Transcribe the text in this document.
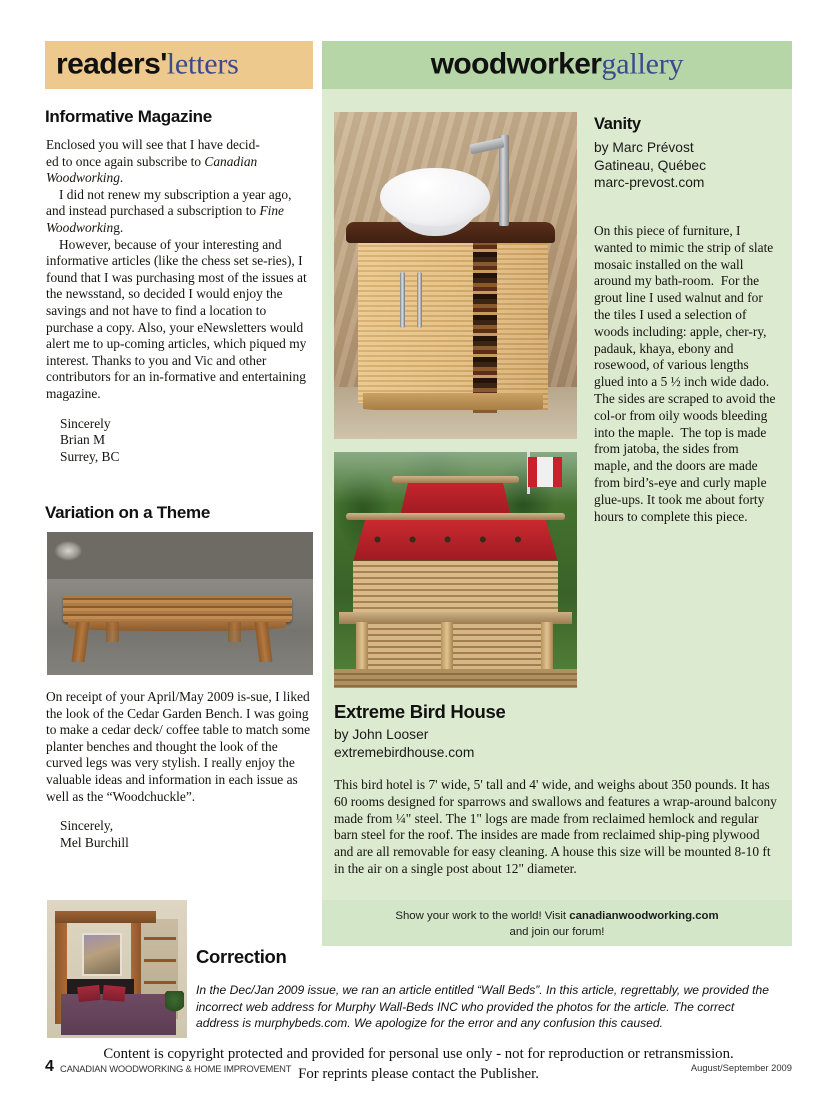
readers'letters
Informative Magazine

Enclosed you will see that I have decid-
ed to once again subscribe to Canadian
Woodworking.

I did not renew my subscription a year ago, and instead purchased a subscription to Fine Woodworking.

However, because of your interesting and informative articles (like the chess set se-ries), I found that I was purchasing most of the issues at the newsstand, so decided I would enjoy the savings and not have to find a location to purchase a copy. Also, your eNewsletters would alert me to up-coming articles, which piqued my interest. Thanks to you and Vic and other contributors for an in-formative and entertaining magazine.

Sincerely
Brian M
Surrey, BC
Variation on a Theme

On receipt of your April/May 2009 is-sue, I liked the look of the Cedar Garden Bench. I was going to make a cedar deck/ coffee table to match some planter benches and thought the look of the curved legs was very stylish. I really enjoy the valuable ideas and information in each issue as well as the “Woodchuckle”.

Sincerely,
Mel Burchill
woodworkergallery
Vanity
by Marc Prévost
Gatineau, Québec
marc-prevost.com

On this piece of furniture, I wanted to mimic the strip of slate mosaic installed on the wall around my bath-room.  For the grout line I used walnut and for the tiles I used a selection of woods including: apple, cher-ry, padauk, khaya, ebony and rosewood, of various lengths glued into a 5 ½ inch wide dado. The sides are scraped to avoid the col-or from oily woods bleeding into the maple.  The top is made from jatoba, the sides from maple, and the doors are made from bird’s-eye and curly maple glue-ups. It took me about forty hours to complete this piece.

Extreme Bird House
by John Looser
extremebirdhouse.com

This bird hotel is 7' wide, 5' tall and 4' wide, and weighs about 350 pounds. It has 60 rooms designed for sparrows and swallows and features a wrap-around balcony made from ¼" steel. The 1" logs are made from reclaimed hemlock and regular barn steel for the roof. The insides are made from reclaimed ship-ping plywood and are all removable for easy cleaning. A house this size will be mounted 8-10 ft in the air on a single post about 12" diameter.

Show your work to the world! Visit canadianwoodworking.com
and join our forum!
Correction
In the Dec/Jan 2009 issue, we ran an article entitled “Wall Beds”. In this article, regrettably, we provided the incorrect web address for Murphy Wall-Beds INC who provided the photos for the article. The correct address is murphybeds.com. We apologize for the error and any confusion this caused.
Content is copyright protected and provided for personal use only - not for reproduction or retransmission.
For reprints please contact the Publisher.
4 CANADIAN WOODWORKING & HOME IMPROVEMENT	August/September 2009
